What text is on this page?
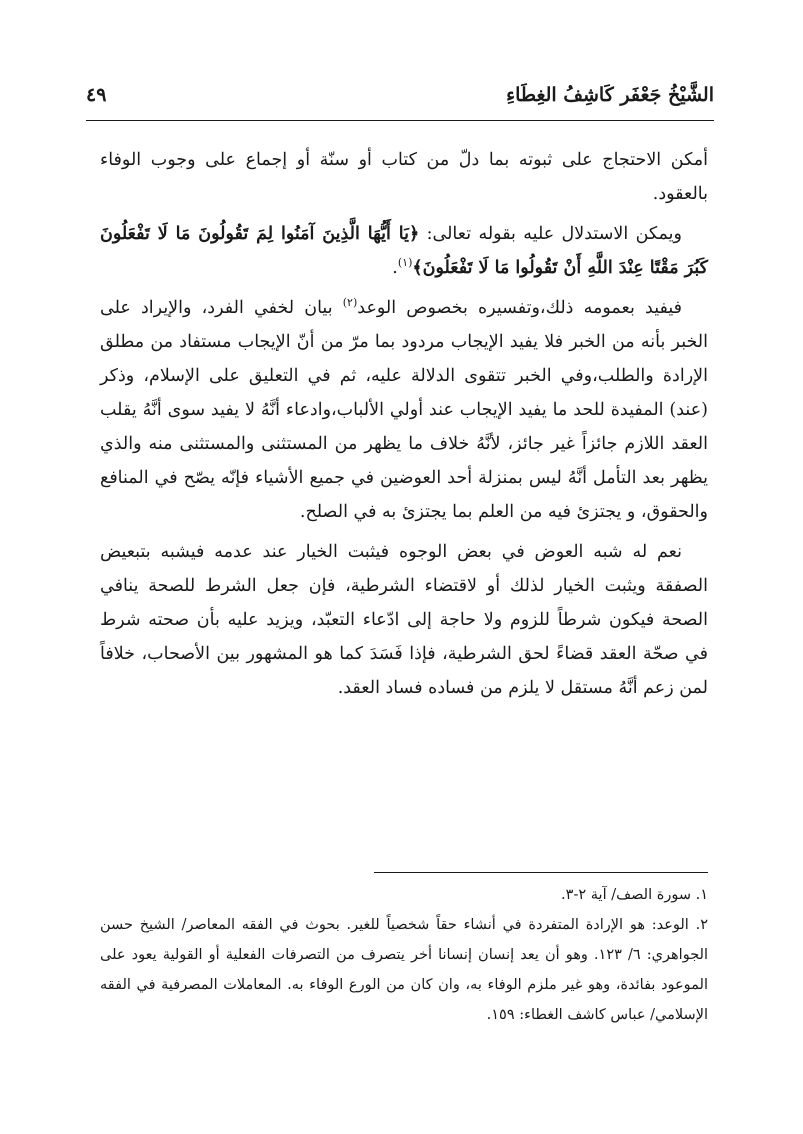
الشَّيْخُ جَعْفَر كَاشِفُ الغِطَاءِ
٤٩

أمكن الاحتجاج على ثبوته بما دلّ من كتاب أو سنّة أو إجماع على وجوب الوفاء بالعقود.

ويمكن الاستدلال عليه بقوله تعالى: ﴿يَا أَيُّهَا الَّذِينَ آمَنُوا لِمَ تَقُولُونَ مَا لَا تَفْعَلُونَ كَبُرَ مَقْتًا عِنْدَ اللَّهِ أَنْ تَقُولُوا مَا لَا تَفْعَلُونَ﴾$^{(١)}$.

فيفيد بعمومه ذلك،وتفسيره بخصوص الوعد$^{(٢)}$ بيان لخفي الفرد، والإيراد على الخبر بأنه من الخبر فلا يفيد الإيجاب مردود بما مرّ من أنّ الإيجاب مستفاد من مطلق الإرادة والطلب،وفي الخبر تتقوى الدلالة عليه، ثم في التعليق على الإسلام، وذكر (عند) المفيدة للحد ما يفيد الإيجاب عند أولي الألباب،وادعاء أنَّهُ لا يفيد سوى أنَّهُ يقلب العقد اللازم جائزاً غير جائز، لأنَّهُ خلاف ما يظهر من المستثنى والمستثنى منه والذي يظهر بعد التأمل أنَّهُ ليس بمنزلة أحد العوضين في جميع الأشياء فإنّه يصّح في المنافع والحقوق، و يجتزئ فيه من العلم بما يجتزئ به في الصلح.

نعم له شبه العوض في بعض الوجوه فيثبت الخيار عند عدمه فيشبه بتبعيض الصفقة ويثبت الخيار لذلك أو لاقتضاء الشرطية، فإن جعل الشرط للصحة ينافي الصحة فيكون شرطاً للزوم ولا حاجة إلى ادّعاء التعبّد، ويزيد عليه بأن صحته شرط في صحّة العقد قضاءً لحق الشرطية، فإذا فَسَدَ كما هو المشهور بين الأصحاب، خلافاً لمن زعم أنَّهُ مستقل لا يلزم من فساده فساد العقد.

١. سورة الصف/ آية ٢-٣.

٢. الوعد: هو الإرادة المتفردة في أنشاء حقاً شخصياً للغير. بحوث في الفقه المعاصر/ الشيخ حسن الجواهري: ٦/ ١٢٣. وهو أن يعد إنسان إنسانا أخر يتصرف من التصرفات الفعلية أو القولية يعود على الموعود بفائدة، وهو غير ملزم الوفاء به، وان كان من الورع الوفاء به. المعاملات المصرفية في الفقه الإسلامي/ عباس كاشف الغطاء: ١٥٩.
